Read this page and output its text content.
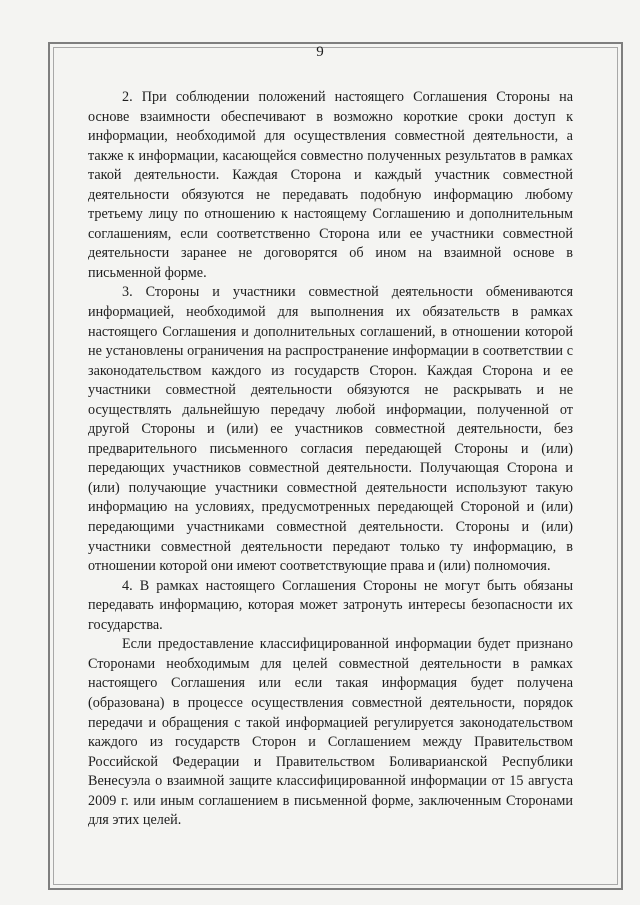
9

2. При соблюдении положений настоящего Соглашения Стороны на основе взаимности обеспечивают в возможно короткие сроки доступ к информации, необходимой для осуществления совместной деятельности, а также к информации, касающейся совместно полученных результатов в рамках такой деятельности. Каждая Сторона и каждый участник совместной деятельности обязуются не передавать подобную информацию любому третьему лицу по отношению к настоящему Соглашению и дополнительным соглашениям, если соответственно Сторона или ее участники совместной деятельности заранее не договорятся об ином на взаимной основе в письменной форме.

3. Стороны и участники совместной деятельности обмениваются информацией, необходимой для выполнения их обязательств в рамках настоящего Соглашения и дополнительных соглашений, в отношении которой не установлены ограничения на распространение информации в соответствии с законодательством каждого из государств Сторон. Каждая Сторона и ее участники совместной деятельности обязуются не раскрывать и не осуществлять дальнейшую передачу любой информации, полученной от другой Стороны и (или) ее участников совместной деятельности, без предварительного письменного согласия передающей Стороны и (или) передающих участников совместной деятельности. Получающая Сторона и (или) получающие участники совместной деятельности используют такую информацию на условиях, предусмотренных передающей Стороной и (или) передающими участниками совместной деятельности. Стороны и (или) участники совместной деятельности передают только ту информацию, в отношении которой они имеют соответствующие права и (или) полномочия.

4. В рамках настоящего Соглашения Стороны не могут быть обязаны передавать информацию, которая может затронуть интересы безопасности их государства.

Если предоставление классифицированной информации будет признано Сторонами необходимым для целей совместной деятельности в рамках настоящего Соглашения или если такая информация будет получена (образована) в процессе осуществления совместной деятельности, порядок передачи и обращения с такой информацией регулируется законодательством каждого из государств Сторон и Соглашением между Правительством Российской Федерации и Правительством Боливарианской Республики Венесуэла о взаимной защите классифицированной информации от 15 августа 2009 г. или иным соглашением в письменной форме, заключенным Сторонами для этих целей.
